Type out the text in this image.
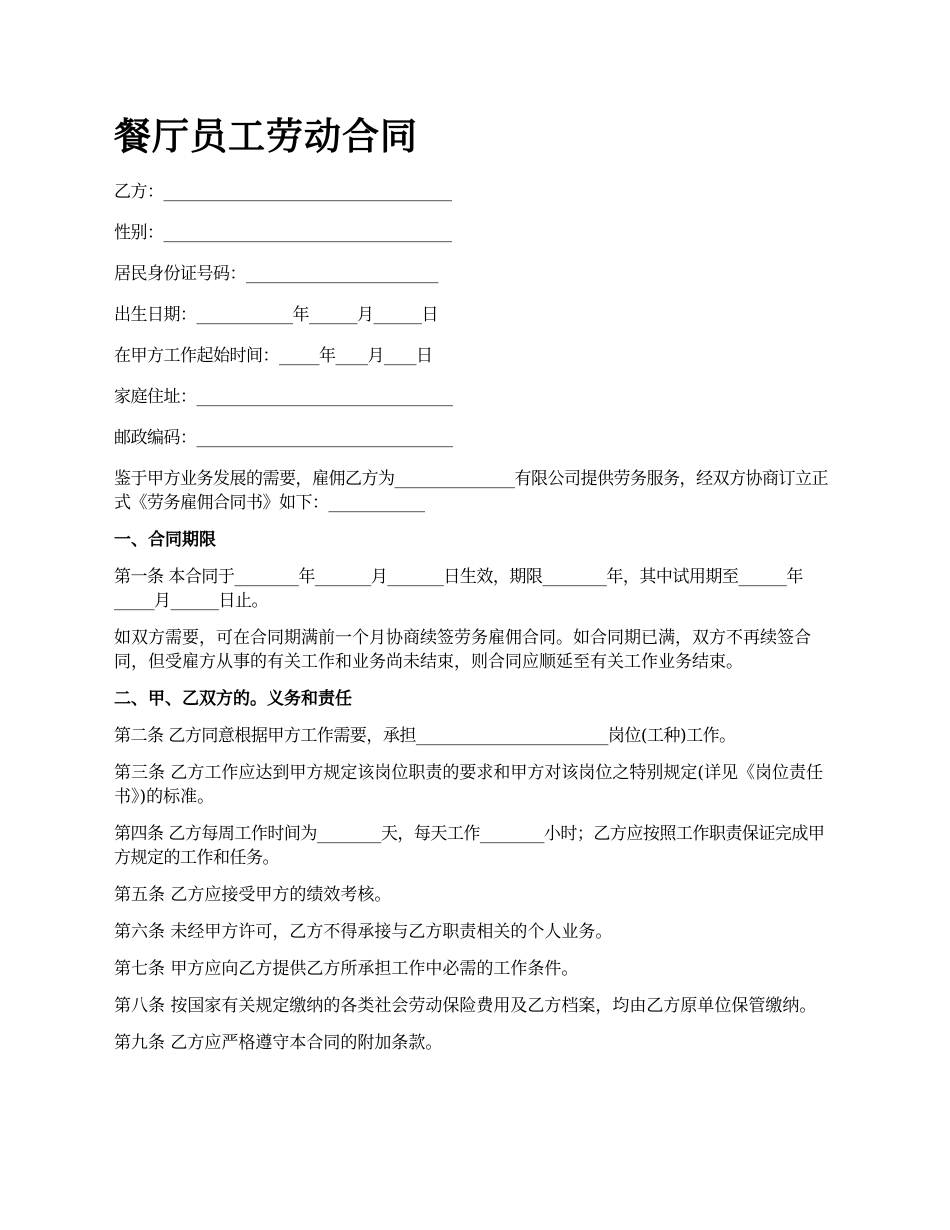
餐厅员工劳动合同
乙方：____________________________________
性别：____________________________________
居民身份证号码：________________________
出生日期：____________年______月______日
在甲方工作起始时间：_____年____月____日
家庭住址：________________________________
邮政编码：________________________________

鉴于甲方业务发展的需要，雇佣乙方为_______________有限公司提供劳务服务，经双方协商订立正式《劳务雇佣合同书》如下：____________

一、合同期限

第一条 本合同于________年_______月_______日生效，期限________年，其中试用期至______年_____月______日止。

如双方需要，可在合同期满前一个月协商续签劳务雇佣合同。如合同期已满，双方不再续签合同，但受雇方从事的有关工作和业务尚未结束，则合同应顺延至有关工作业务结束。

二、甲、乙双方的。义务和责任

第二条 乙方同意根据甲方工作需要，承担________________________岗位(工种)工作。

第三条 乙方工作应达到甲方规定该岗位职责的要求和甲方对该岗位之特别规定(详见《岗位责任书》)的标准。

第四条 乙方每周工作时间为________天，每天工作________小时；乙方应按照工作职责保证完成甲方规定的工作和任务。

第五条 乙方应接受甲方的绩效考核。

第六条 未经甲方许可，乙方不得承接与乙方职责相关的个人业务。

第七条 甲方应向乙方提供乙方所承担工作中必需的工作条件。

第八条 按国家有关规定缴纳的各类社会劳动保险费用及乙方档案，均由乙方原单位保管缴纳。

第九条 乙方应严格遵守本合同的附加条款。
